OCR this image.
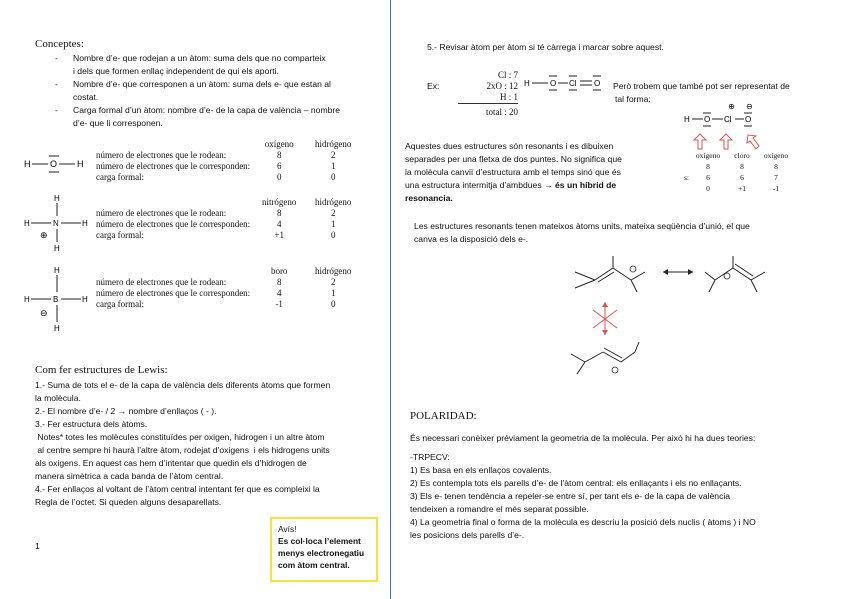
Conceptes:
- Nombre d’e- que rodejan a un àtom: suma dels que no comparteix
i dels que formen enllaç independent de qui els aporti.
- Nombre d’e- que corresponen a un àtom: suma dels e- que estan al
costat.
- Carga formal d’un àtom: nombre d’e- de la capa de valència – nombre
d’e- que li corresponen.
H O H
	oxígeno	hidrógeno
número de electrones que le rodean:	8	2
número de electrones que le corresponden:	6	1
carga formal:	0	0
H
H	N	H
H
⊕
	nitrógeno	hidrógeno
número de electrones que le rodean:	8	2
número de electrones que le corresponden:	4	1
carga formal:	+1	0
H
H	B	H
H
⊖
	boro	hidrógeno
número de electrones que le rodean:	8	2
número de electrones que le corresponden:	4	1
carga formal:	-1	0
Com fer estructures de Lewis:
1.- Suma de tots el e- de la capa de valència dels diferents àtoms que formen
la molècula.
2.- El nombre d’e- / 2 → nombre d’enllaços ( - ).
3.- Fer estructura dels àtoms.
Notes* totes les molècules constituïdes per oxigen, hidrogen i un altre àtom
al centre sempre hi haurà l’altre àtom, rodejat d’oxigens  i els hidrogens units
als oxigens. En aquest cas hem d’intentar que quedin els d’hidrogen de
manera simètrica a cada banda de l’àtom central.
4.- Fer enllaços al voltant de l’àtom central intentant fer que es compleixi la
Regla de l’octet. Si queden alguns desaparellats.
1
Avís!
Es col·loca l’element
menys electronegatiu
com àtom central.
5.- Revisar àtom per àtom si té càrrega i marcar sobre aquest.
Ex:
Cl : 7
2xO : 12
H : 1
total : 20
H	O Cl O Però trobem que també pot ser representat de
tal forma:
⊕ ⊖
H O Cl O
	oxígeno	cloro	oxígeno
	8	8	8
s:	6	6	7
	0	+1	-1
Aquestes dues estructures són resonants i es dibuixen
separades per una fletxa de dos puntes. No significa que
la molècula canviï d’estructura amb el temps sinó que és
una estructura intermitja d’ambdues → és un híbrid de
resonancia.
Les estructures resonants tenen mateixos àtoms units, mateixa seqüència d’unió, el que
canva es la disposició dels e-.
POLARIDAD:
És necessari conèixer préviament la geometria de la molècula. Per això hi ha dues teories:
-TRPECV:
1) Es basa en els enllaços covalents.
2) Es contempla tots els parells d’e- de l’àtom central: els enllaçants i els no enllaçants.
3) Els e- tenen tendència a repeler-se entre sí, per tant els e- de la capa de valència
tendeixen a romandre el més separat possible.
4) La geometria final o forma de la molècula es descriu la posició dels nuclis ( àtoms ) i NO
les posicions dels parells d’e-.
